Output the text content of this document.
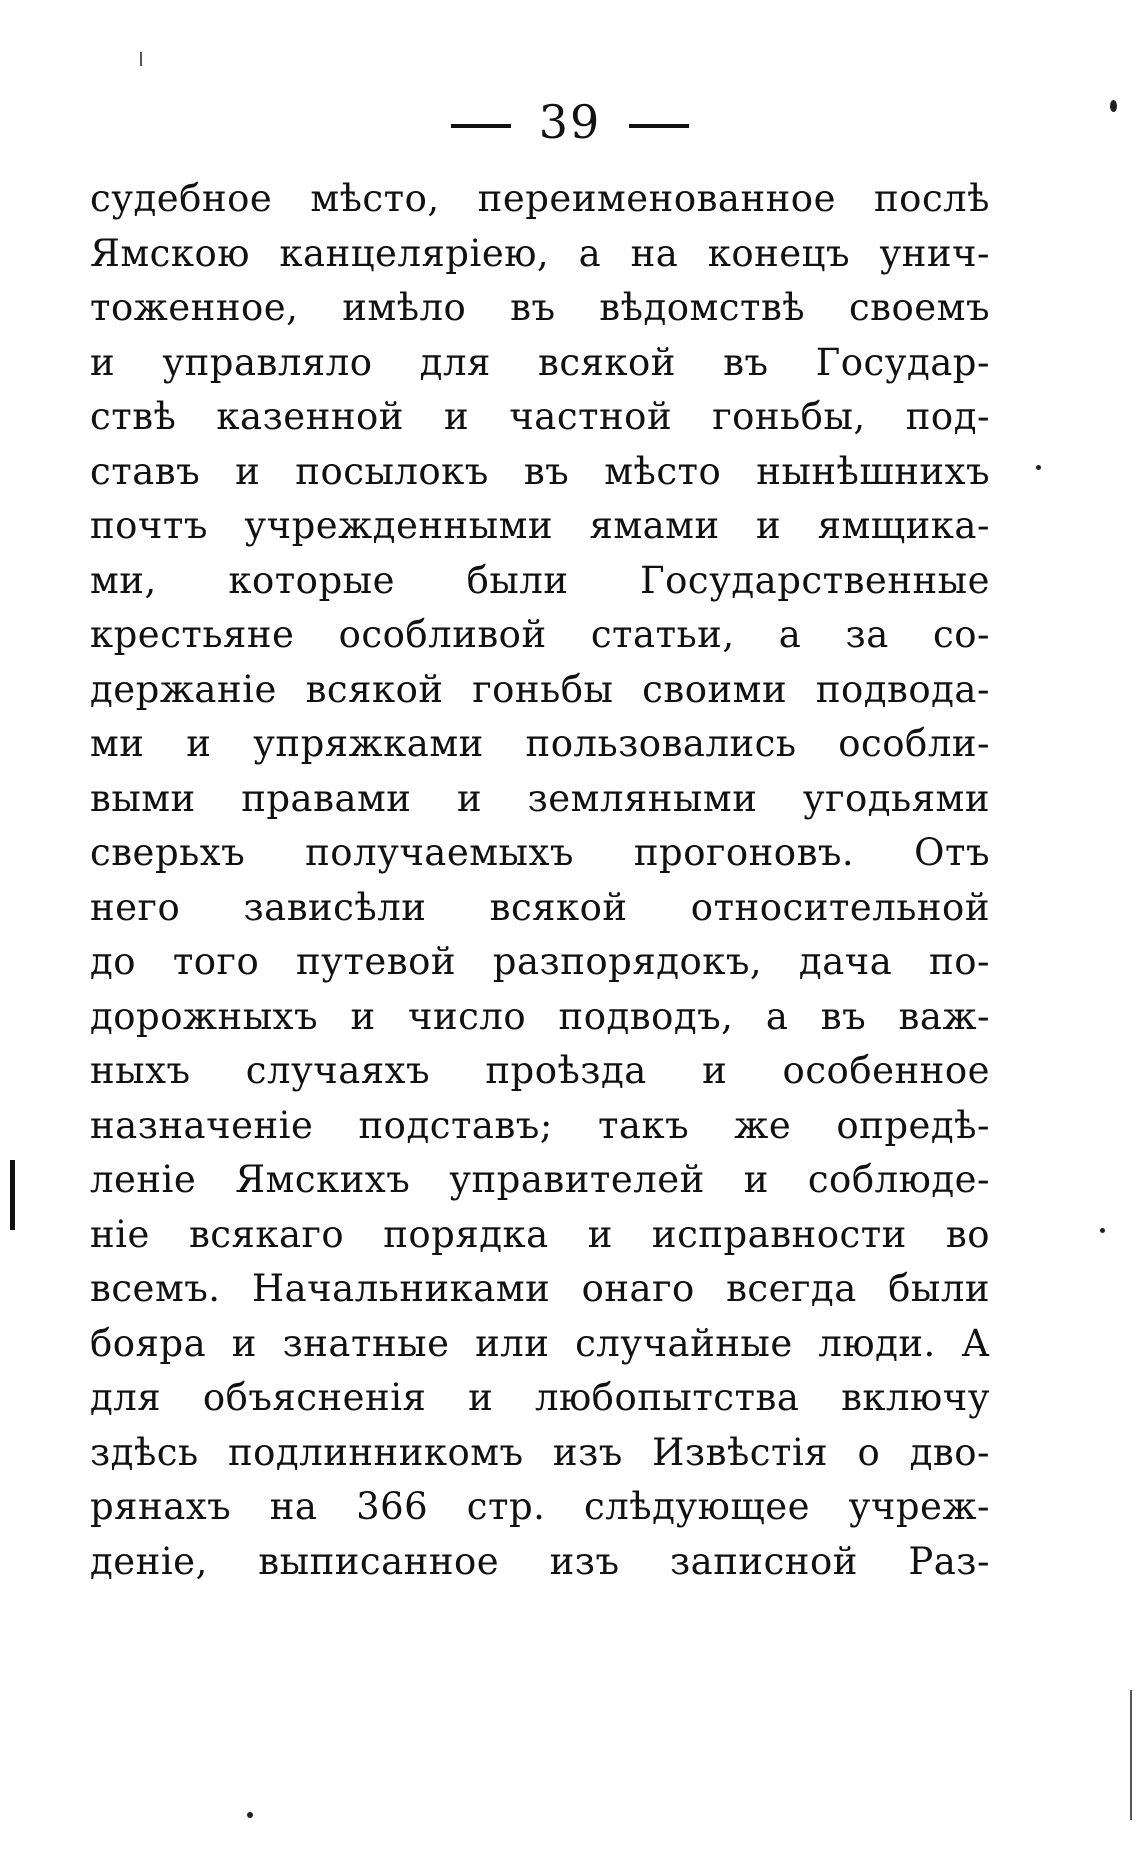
39
судебное мѣсто, переименованное послѣ
Ямскою канцеляріею, а на конецъ унич-
тоженное, имѣло въ вѣдомствѣ своемъ
и управляло для всякой въ Государ-
ствѣ казенной и частной гоньбы, под-
ставъ и посылокъ въ мѣсто нынѣшнихъ
почтъ учрежденными ямами и ямщика-
ми, которые были Государственные
крестьяне особливой статьи, а за со-
держаніе всякой гоньбы своими подвода-
ми и упряжками пользовались особли-
выми правами и земляными угодьями
сверьхъ получаемыхъ прогоновъ. Отъ
него зависѣли всякой относительной
до того путевой разпорядокъ, дача по-
дорожныхъ и число подводъ, а въ важ-
ныхъ случаяхъ проѣзда и особенное
назначеніе подставъ; такъ же опредѣ-
леніе Ямскихъ управителей и соблюде-
ніе всякаго порядка и исправности во
всемъ. Начальниками онаго всегда были
бояра и знатные или случайные люди. А
для объясненія и любопытства включу
здѣсь подлинникомъ изъ Извѣстія о дво-
рянахъ на 366 стр. слѣдующее учреж-
деніе, выписанное изъ записной Раз-
